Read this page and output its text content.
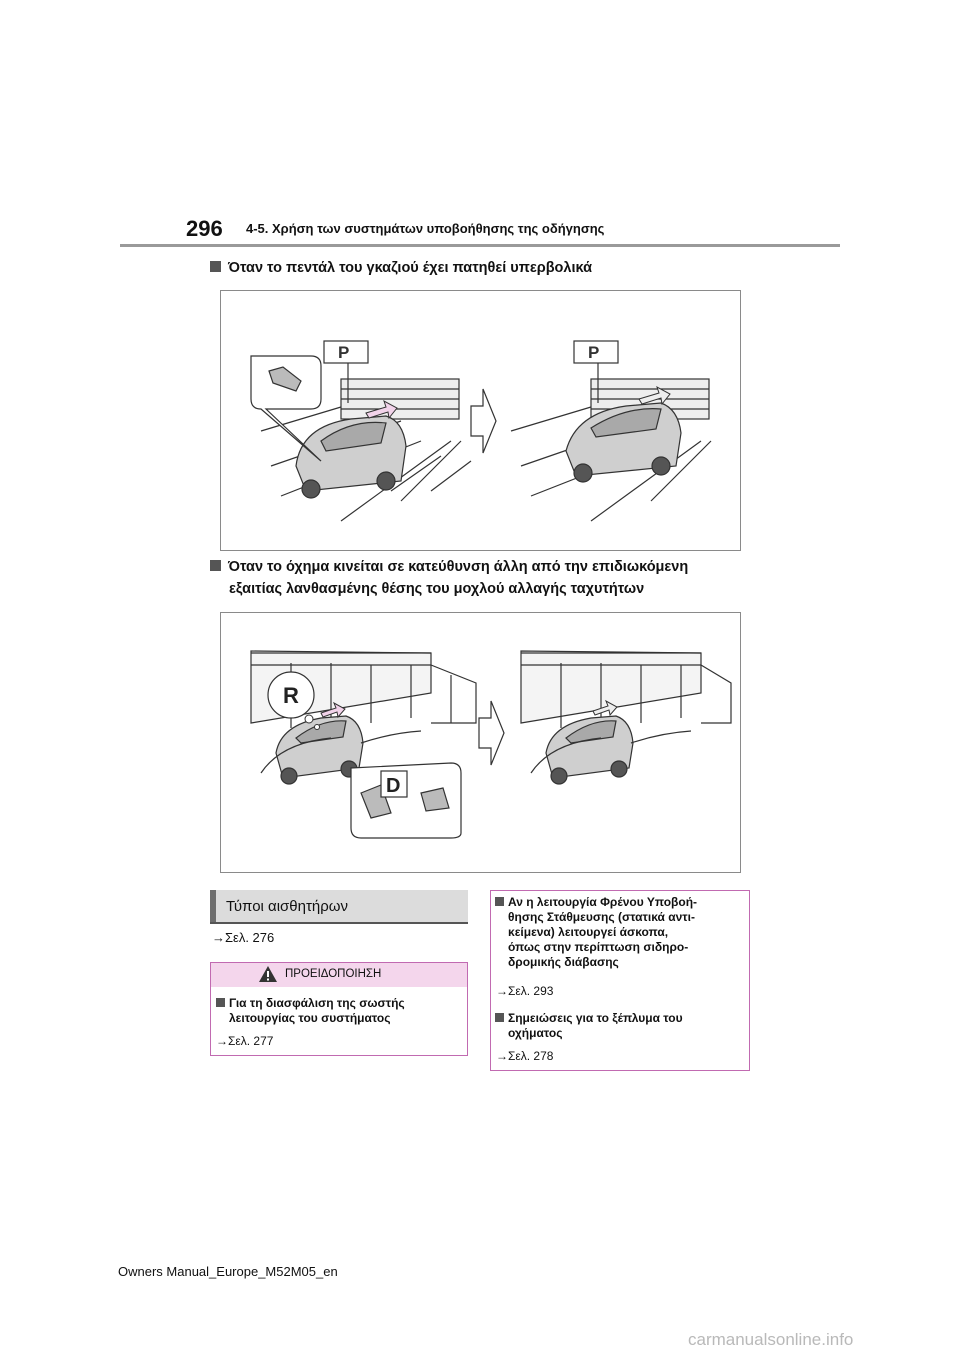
296 4-5. Χρήση των συστημάτων υποβοήθησης της οδήγησης
Όταν το πεντάλ του γκαζιού έχει πατηθεί υπερβολικά
P	P
Όταν το όχημα κινείται σε κατεύθυνση άλλη από την επιδιωκόμενη
εξαιτίας λανθασμένης θέσης του μοχλού αλλαγής ταχυτήτων
R
D
Τύποι αισθητήρων
→Σελ. 276
ΠΡΟΕΙΔΟΠΟΙΗΣΗ
Για τη διασφάλιση της σωστής
λειτουργίας του συστήματος
→Σελ. 277
Αν η λειτουργία Φρένου Υποβοή-
θησης Στάθμευσης (στατικά αντι-
κείμενα) λειτουργεί άσκοπα,
όπως στην περίπτωση σιδηρο-
δρομικής διάβασης
→Σελ. 293
Σημειώσεις για το ξέπλυμα του
οχήματος
→Σελ. 278
Owners Manual_Europe_M52M05_en
carmanualsonline.info
